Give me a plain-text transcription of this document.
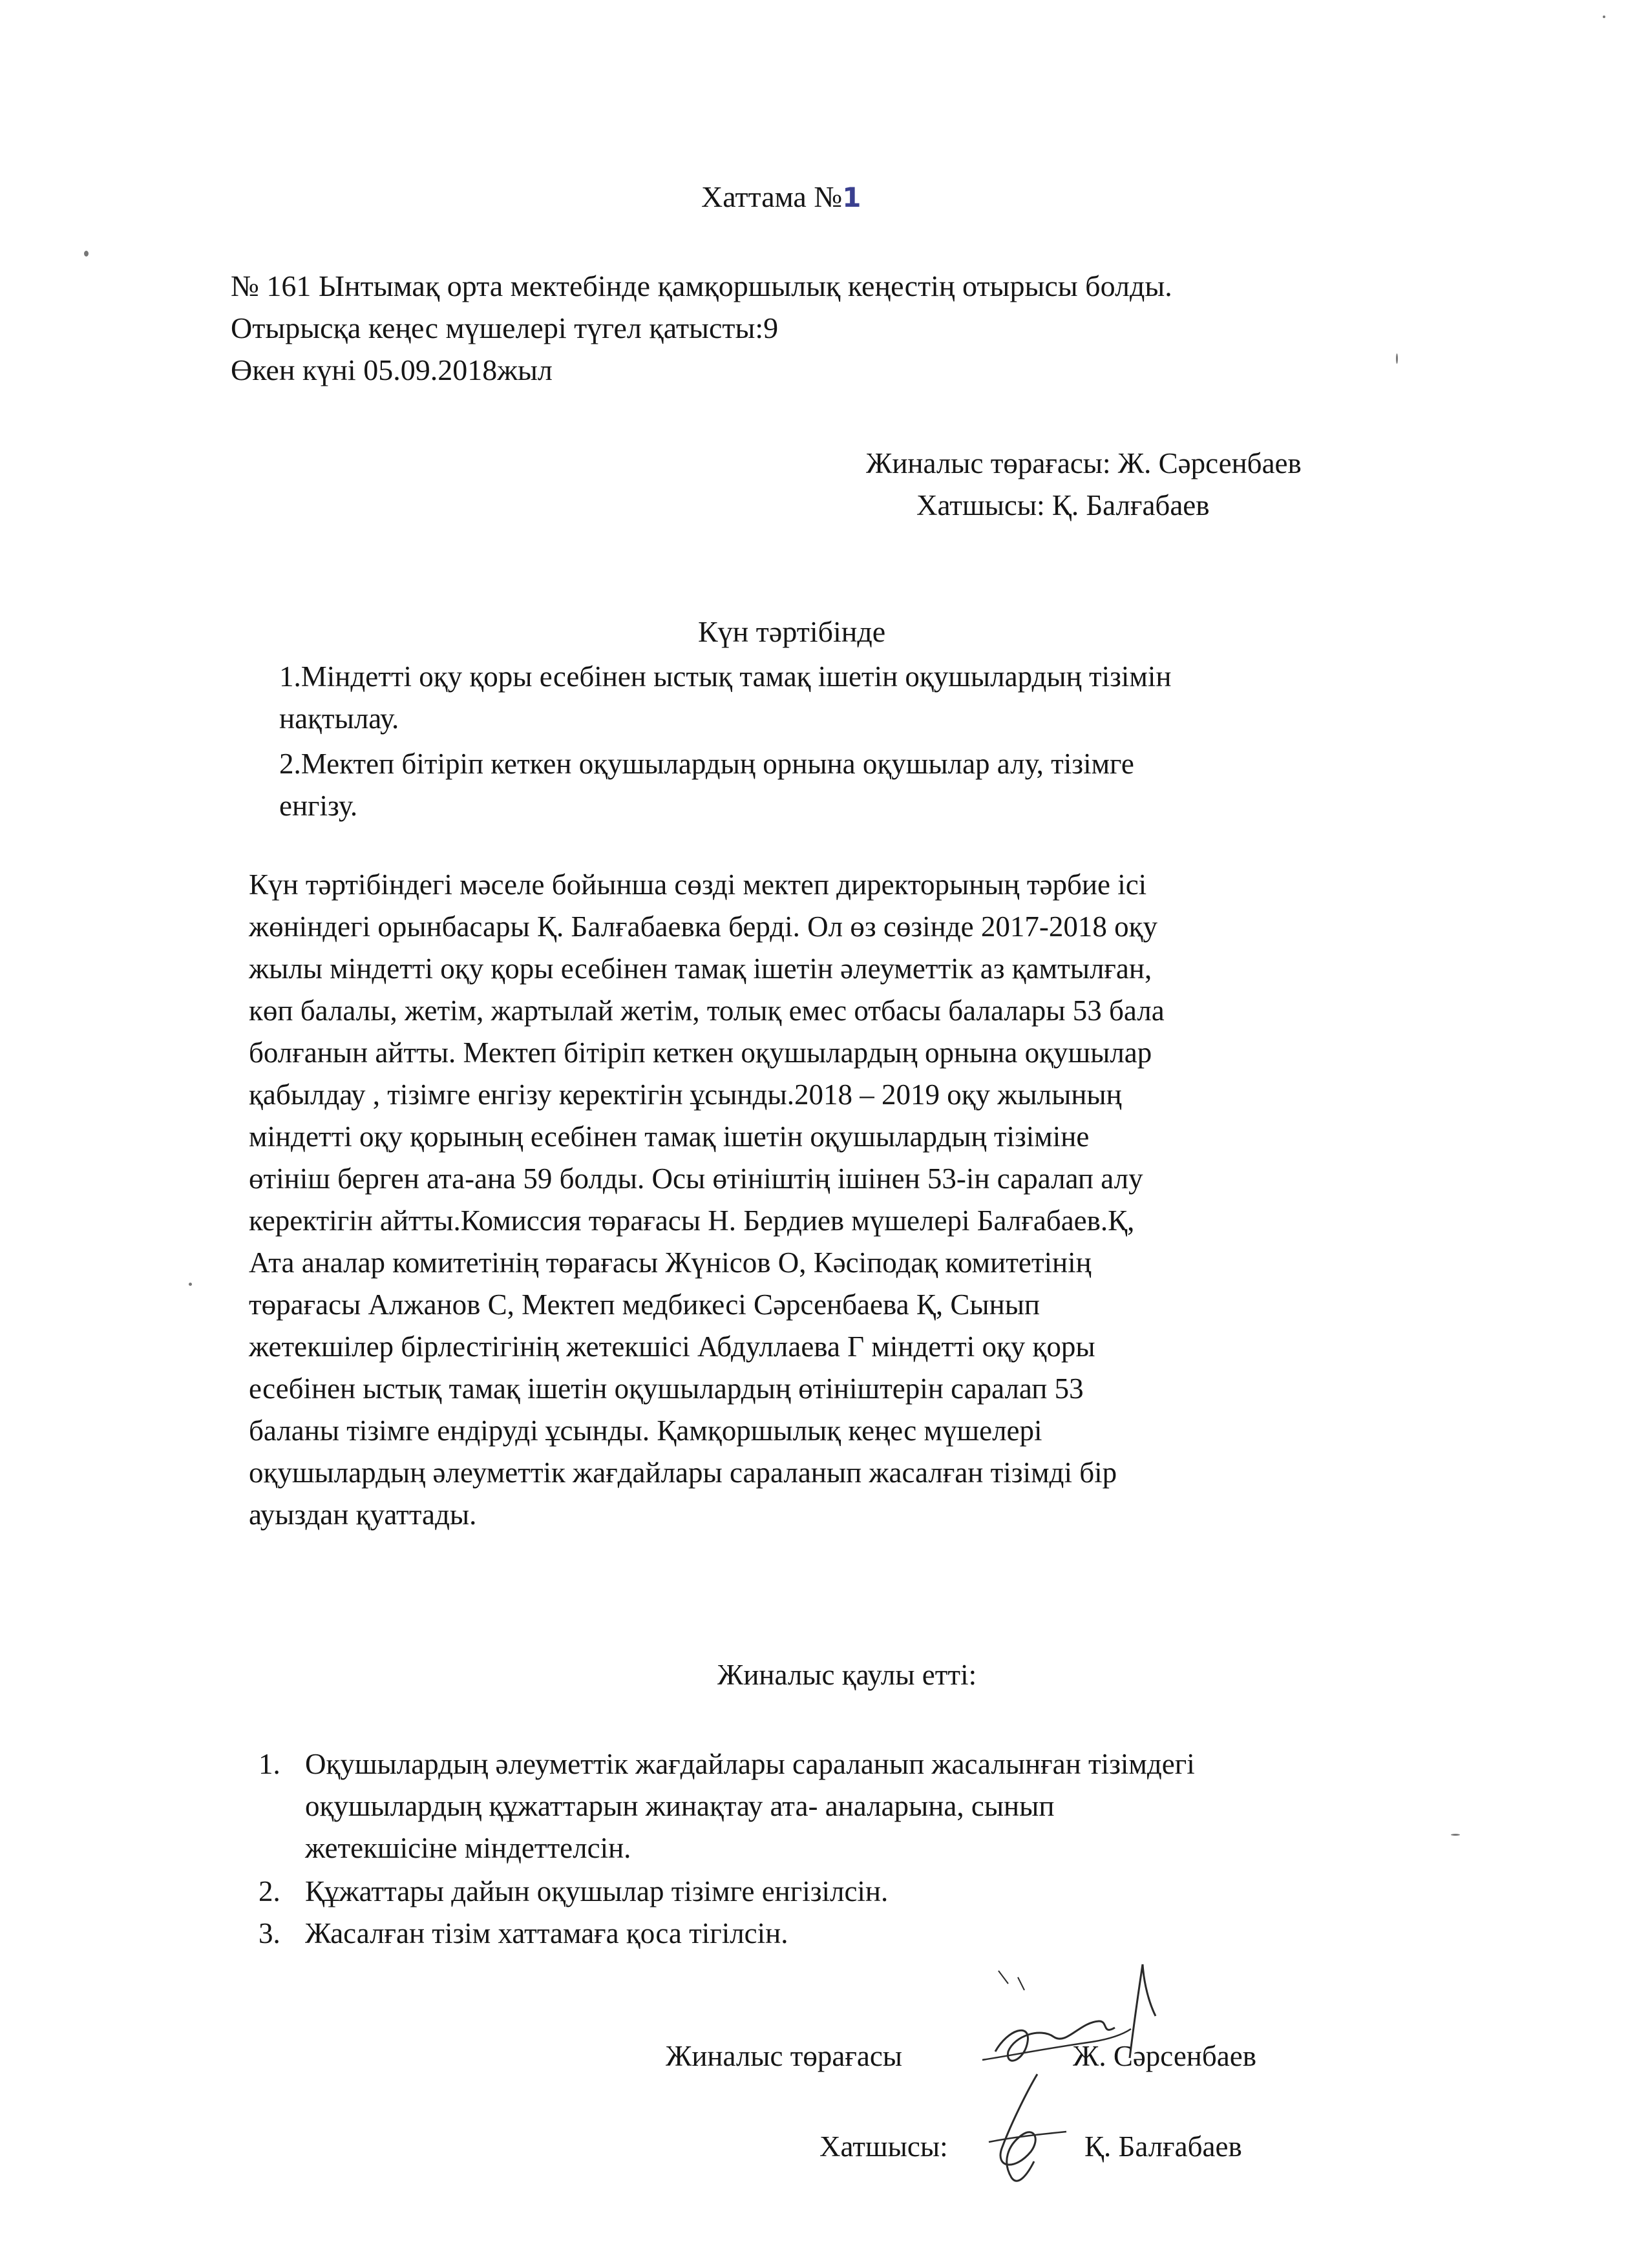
Хаттама №1
№ 161 Ынтымақ орта мектебінде қамқоршылық кеңестің отырысы болды.
Отырысқа кеңес мүшелері түгел қатысты:9
Өкен күні 05.09.2018жыл
Жиналыс төрағасы: Ж. Сәрсенбаев
Хатшысы: Қ. Балғабаев
Күн тәртібінде
1.Міндетті оқу қоры есебінен ыстық тамақ ішетін оқушылардың тізімін
нақтылау.
2.Мектеп бітіріп кеткен оқушылардың орнына оқушылар алу, тізімге
енгізу.
Күн тәртібіндегі мәселе бойынша сөзді мектеп директорының тәрбие ісі
жөніндегі орынбасары Қ. Балғабаевка берді. Ол өз сөзінде 2017-2018 оқу
жылы міндетті оқу қоры есебінен тамақ ішетін әлеуметтік аз қамтылған,
көп балалы, жетім, жартылай жетім, толық емес отбасы балалары 53 бала
болғанын айтты. Мектеп бітіріп кеткен оқушылардың орнына оқушылар
қабылдау , тізімге енгізу керектігін ұсынды.2018 – 2019 оқу жылының
міндетті оқу қорының есебінен тамақ ішетін оқушылардың тізіміне
өтініш берген ата-ана 59 болды. Осы өтініштің ішінен 53-ін саралап алу
керектігін айтты.Комиссия төрағасы Н. Бердиев мүшелері Балғабаев.Қ,
Ата аналар комитетінің төрағасы Жүнісов О, Кәсіподақ комитетінің
төрағасы Алжанов С, Мектеп медбикесі Сәрсенбаева Қ, Сынып
жетекшілер бірлестігінің жетекшісі Абдуллаева Г міндетті оқу қоры
есебінен ыстық тамақ ішетін оқушылардың өтініштерін саралап 53
баланы тізімге ендіруді ұсынды. Қамқоршылық кеңес мүшелері
оқушылардың әлеуметтік жағдайлары сараланып жасалған тізімді бір
ауыздан қуаттады.
Жиналыс қаулы етті:
1. Оқушылардың әлеуметтік жағдайлары сараланып жасалынған тізімдегі
оқушылардың құжаттарын жинақтау ата- аналарына, сынып
жетекшісіне міндеттелсін.
2. Құжаттары дайын оқушылар тізімге енгізілсін.
3. Жасалған тізім хаттамаға қоса тігілсін.
Жиналыс төрағасы	Ж. Сәрсенбаев
Хатшысы:	Қ. Балғабаев
